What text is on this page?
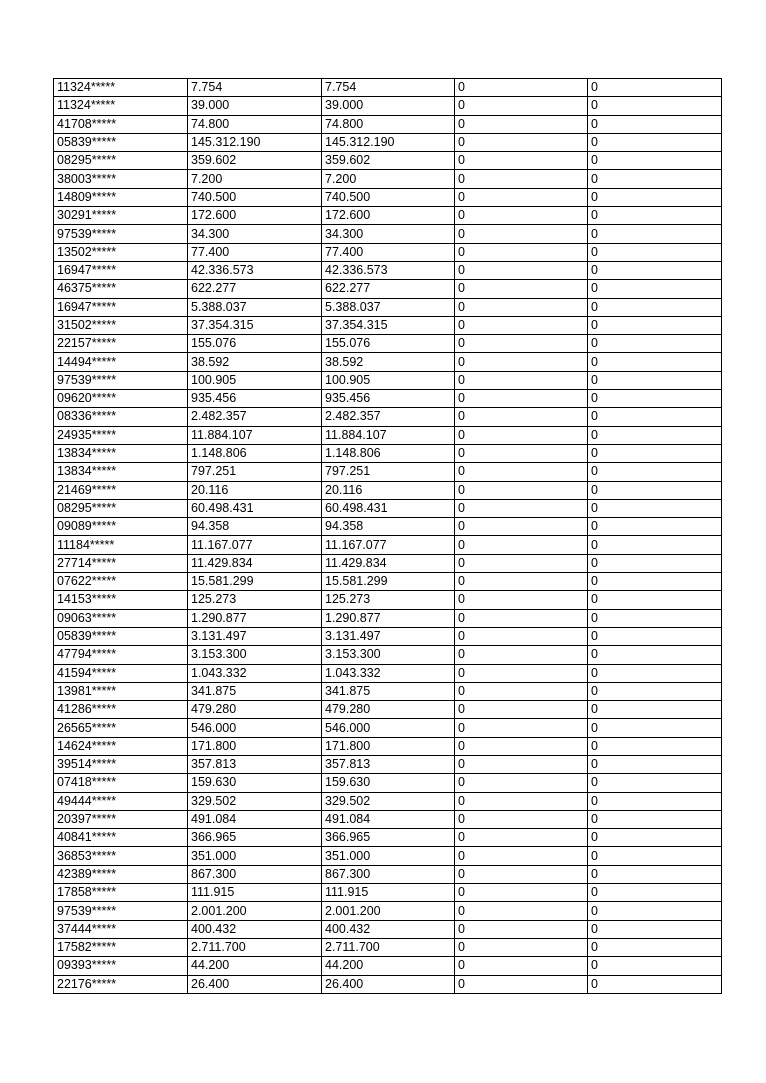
11324*****	7.754	7.754	0	0
11324*****	39.000	39.000	0	0
41708*****	74.800	74.800	0	0
05839*****	145.312.190	145.312.190	0	0
08295*****	359.602	359.602	0	0
38003*****	7.200	7.200	0	0
14809*****	740.500	740.500	0	0
30291*****	172.600	172.600	0	0
97539*****	34.300	34.300	0	0
13502*****	77.400	77.400	0	0
16947*****	42.336.573	42.336.573	0	0
46375*****	622.277	622.277	0	0
16947*****	5.388.037	5.388.037	0	0
31502*****	37.354.315	37.354.315	0	0
22157*****	155.076	155.076	0	0
14494*****	38.592	38.592	0	0
97539*****	100.905	100.905	0	0
09620*****	935.456	935.456	0	0
08336*****	2.482.357	2.482.357	0	0
24935*****	11.884.107	11.884.107	0	0
13834*****	1.148.806	1.148.806	0	0
13834*****	797.251	797.251	0	0
21469*****	20.116	20.116	0	0
08295*****	60.498.431	60.498.431	0	0
09089*****	94.358	94.358	0	0
11184*****	11.167.077	11.167.077	0	0
27714*****	11.429.834	11.429.834	0	0
07622*****	15.581.299	15.581.299	0	0
14153*****	125.273	125.273	0	0
09063*****	1.290.877	1.290.877	0	0
05839*****	3.131.497	3.131.497	0	0
47794*****	3.153.300	3.153.300	0	0
41594*****	1.043.332	1.043.332	0	0
13981*****	341.875	341.875	0	0
41286*****	479.280	479.280	0	0
26565*****	546.000	546.000	0	0
14624*****	171.800	171.800	0	0
39514*****	357.813	357.813	0	0
07418*****	159.630	159.630	0	0
49444*****	329.502	329.502	0	0
20397*****	491.084	491.084	0	0
40841*****	366.965	366.965	0	0
36853*****	351.000	351.000	0	0
42389*****	867.300	867.300	0	0
17858*****	111.915	111.915	0	0
97539*****	2.001.200	2.001.200	0	0
37444*****	400.432	400.432	0	0
17582*****	2.711.700	2.711.700	0	0
09393*****	44.200	44.200	0	0
22176*****	26.400	26.400	0	0
